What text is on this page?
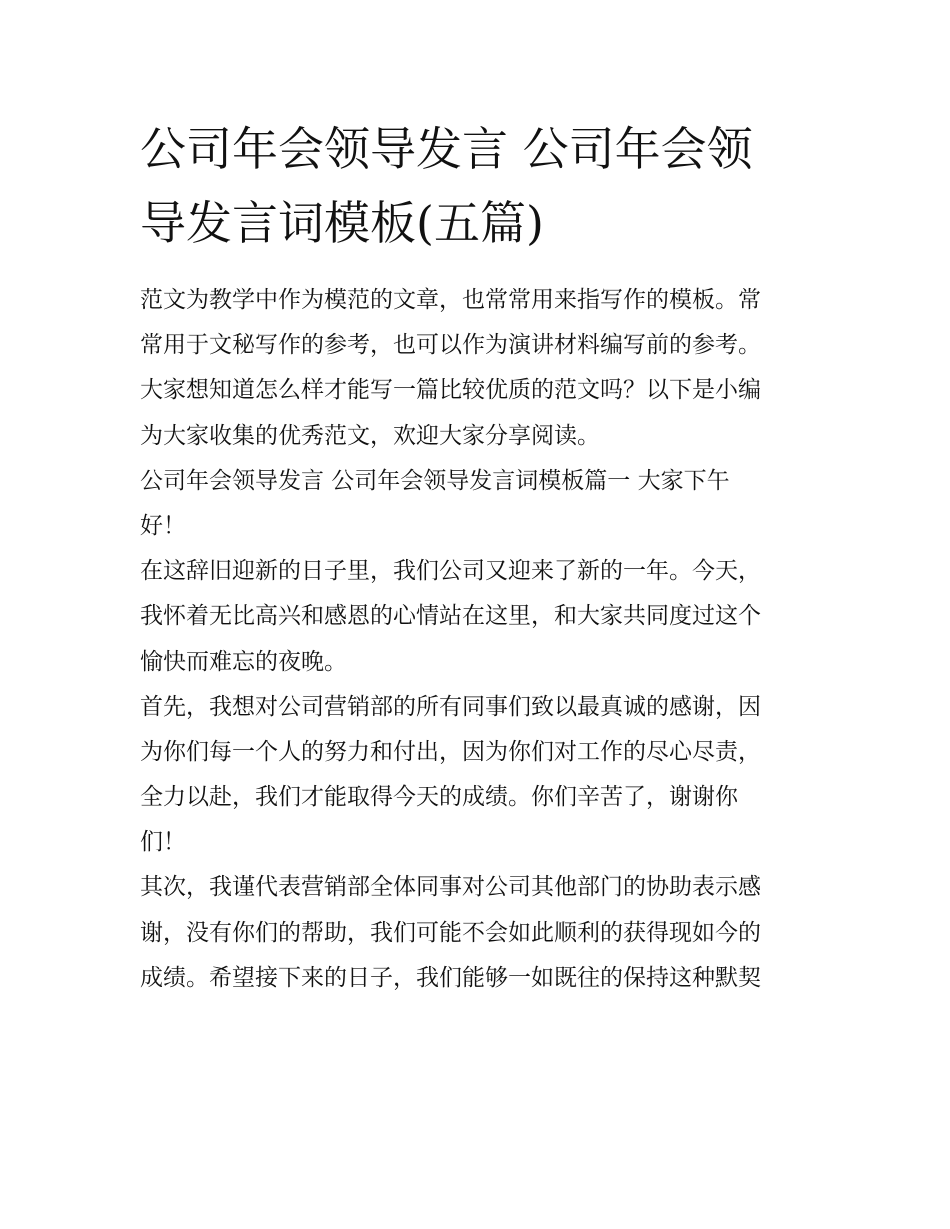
公司年会领导发言 公司年会领
导发言词模板(五篇)
范文为教学中作为模范的文章，也常常用来指写作的模板。常
常用于文秘写作的参考，也可以作为演讲材料编写前的参考。
大家想知道怎么样才能写一篇比较优质的范文吗？以下是小编
为大家收集的优秀范文，欢迎大家分享阅读。
公司年会领导发言 公司年会领导发言词模板篇一 大家下午
好！
在这辞旧迎新的日子里，我们公司又迎来了新的一年。今天，
我怀着无比高兴和感恩的心情站在这里，和大家共同度过这个
愉快而难忘的夜晚。
首先，我想对公司营销部的所有同事们致以最真诚的感谢，因
为你们每一个人的努力和付出，因为你们对工作的尽心尽责，
全力以赴，我们才能取得今天的成绩。你们辛苦了，谢谢你
们！
其次，我谨代表营销部全体同事对公司其他部门的协助表示感
谢，没有你们的帮助，我们可能不会如此顺利的获得现如今的
成绩。希望接下来的日子，我们能够一如既往的保持这种默契
